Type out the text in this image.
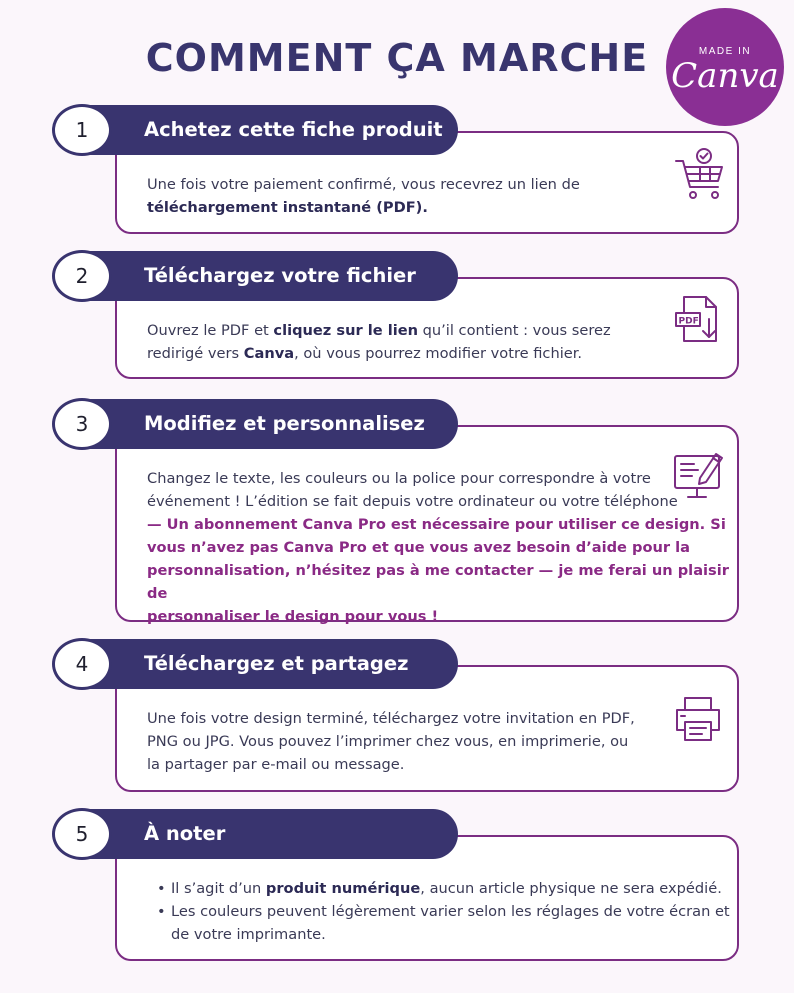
COMMENT ÇA MARCHE	MADE IN
Canva
Une fois votre paiement confirmé, vous recevrez un lien de
téléchargement instantané (PDF).
Achetez cette fiche produit
1
Ouvrez le PDF et cliquez sur le lien qu’il contient : vous serez
redirigé vers Canva, où vous pourrez modifier votre fichier.
Téléchargez votre fichier
2
PDF
Changez le texte, les couleurs ou la police pour correspondre à votre
événement ! L’édition se fait depuis votre ordinateur ou votre téléphone
— Un abonnement Canva Pro est nécessaire pour utiliser ce design. Si
vous n’avez pas Canva Pro et que vous avez besoin d’aide pour la
personnalisation, n’hésitez pas à me contacter — je me ferai un plaisir de
personnaliser le design pour vous !
Modifiez et personnalisez
3
Une fois votre design terminé, téléchargez votre invitation en PDF,
PNG ou JPG. Vous pouvez l’imprimer chez vous, en imprimerie, ou
la partager par e-mail ou message.
Téléchargez et partagez
4
• Il s’agit d’un produit numérique, aucun article physique ne sera expédié.
• Les couleurs peuvent légèrement varier selon les réglages de votre écran et
de votre imprimante.
À noter
5
